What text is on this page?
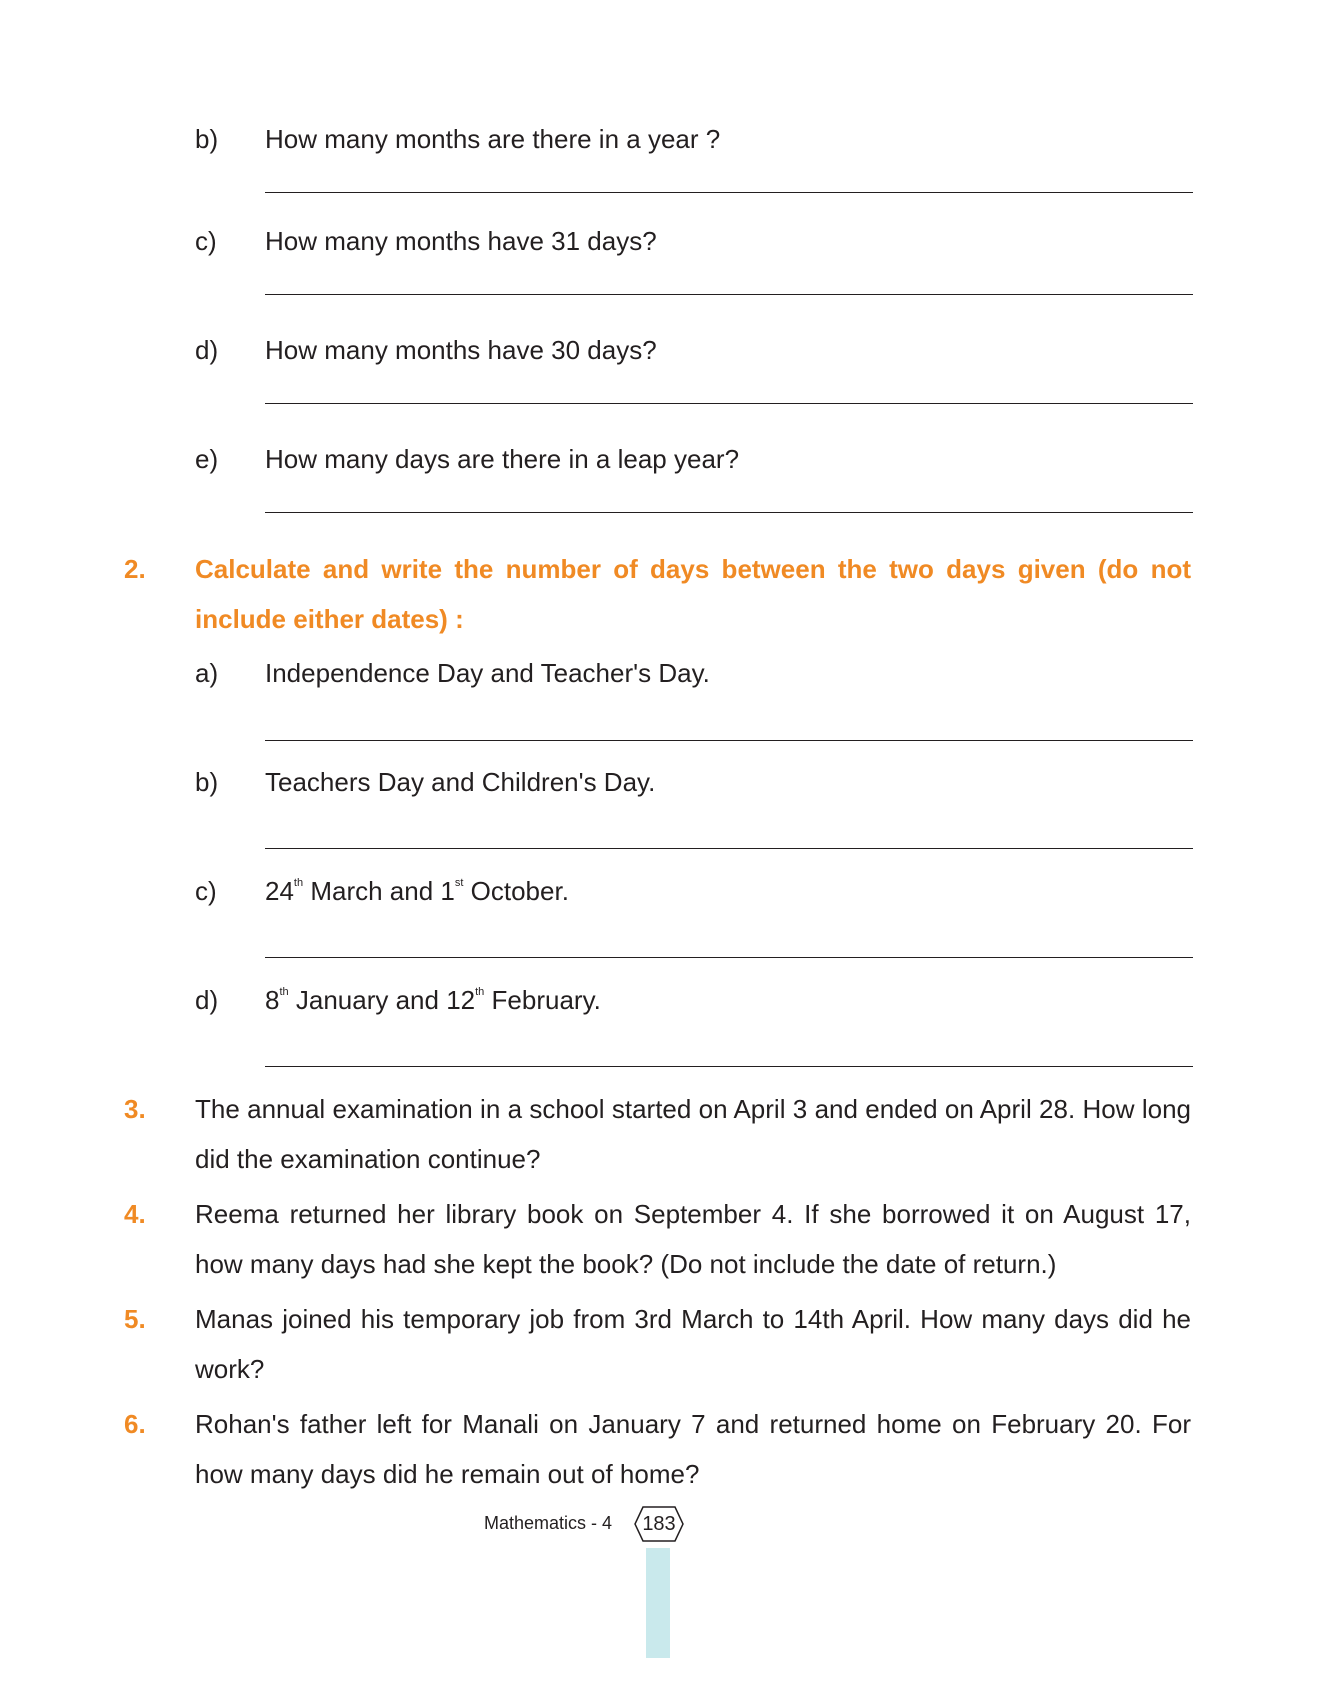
b) How many months are there in a year ?
c) How many months have 31 days?
d) How many months have 30 days?
e) How many days are there in a leap year?
2. Calculate and write the number of days between the two days given (do not include either dates) :
a) Independence Day and Teacher's Day.
b) Teachers Day and Children's Day.
c) 24th March and 1st October.
d) 8th January and 12th February.
3. The annual examination in a school started on April 3 and ended on April 28. How long did the examination continue?
4. Reema returned her library book on September 4. If she borrowed it on August 17, how many days had she kept the book? (Do not include the date of return.)
5. Manas joined his temporary job from 3rd March to 14th April. How many days did he work?
6. Rohan's father left for Manali on January 7 and returned home on February 20. For how many days did he remain out of home?
Mathematics - 4	183
